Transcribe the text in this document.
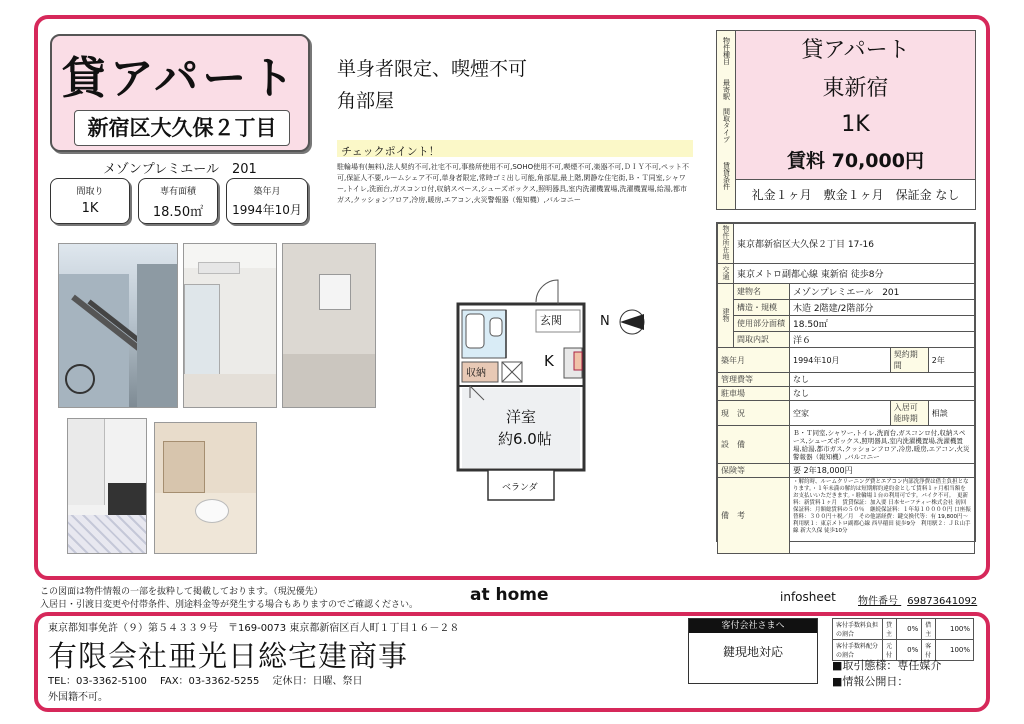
貸アパート
新宿区大久保２丁目
メゾンプレミエール　201
間取り
1K
専有面積
18.50㎡
築年月
1994年10月
単身者限定、喫煙不可
角部屋
チェックポイント！
駐輪場有(無料),法人契約不可,社宅不可,事務所使用不可,SOHO使用不可,喫煙不可,楽器不可,ＤＩＹ不可,ペット不可,保証人不要,ルームシェア不可,単身者限定,常時ゴミ出し可能,角部屋,最上階,閑静な住宅街,Ｂ・Ｔ同室,シャワー,トイレ,洗面台,ガスコンロ付,収納スペース,シューズボックス,照明器具,室内洗濯機置場,洗濯機置場,給湯,都市ガス,クッションフロア,冷房,暖房,エアコン,火災警報器（報知機）,バルコニー
玄関
K
収納
洋室
約6.0帖
ベランダ
N
物件種目	貸アパート
最寄駅	東新宿
間取タイプ	1K
賃貸条件
賃料 70,000円
礼金１ヶ月　敷金１ヶ月　保証金 なし
物件所在地	東京都新宿区大久保２丁目 17-16			
交通	東京メトロ副都心線 東新宿 徒歩8分			
建物	建物名	メゾンプレミエール　201		
	構造・規模	木造 2階建/2階部分		
	使用部分面積	18.50㎡		
	間取内訳	洋６		
築年月		1994年10月	契約期間	2年
管理費等		なし		
駐車場		なし		
現　況		空家	入居可能時期	相談
設　備		Ｂ・Ｔ同室,シャワー,トイレ,洗面台,ガスコンロ付,収納スペース,シューズボックス,照明器具,室内洗濯機置場,洗濯機置場,給湯,都市ガス,クッションフロア,冷房,暖房,エアコン,火災警報器（報知機）,バルコニー		
保険等		要 2年18,000円		
備　考		・解約時、ルームクリーニング費とエアコン内部洗浄費は借主負担となります。・１年未満の解約は短期解約違約金として賃料１ヶ月相当額をお支払いいただきます。・駐輪場１台の利用可です。バイク不可。　更新料：新賃料１ヶ月　賃貸保証：加入要 日本セーフティー株式会社 初回保証料：月額総賃料の５０％　継続保証料：１年毎１００００円 口座振替料：３００円＋税／月　その他諸経費：鍵交換代等：有 19,800円〜　利用駅１：東京メトロ副都心線 西早稲田 徒歩9分　利用駅２：ＪＲ山手線 新大久保 徒歩10分		
この図面は物件情報の一部を抜粋して掲載しております。（現況優先）
入居日・引渡日変更や付帯条件、別途料金等が発生する場合もありますのでご確認ください。	at home	infosheet 物件番号 69873641092
東京都知事免許（９）第５４３３９号　〒169-0073 東京都新宿区百人町１丁目１６－２８
有限会社亜光日総宅建商事
TEL：03-3362-5100　 FAX：03-3362-5255　 定休日：日曜、祭日
外国籍不可。
客付会社さまへ
鍵現地対応
客付手数料負担の割合	貸主	0%	借主	100%
客付手数料配分の割合	元付	0%	客付	100%
■取引態様：専任媒介
■情報公開日：
